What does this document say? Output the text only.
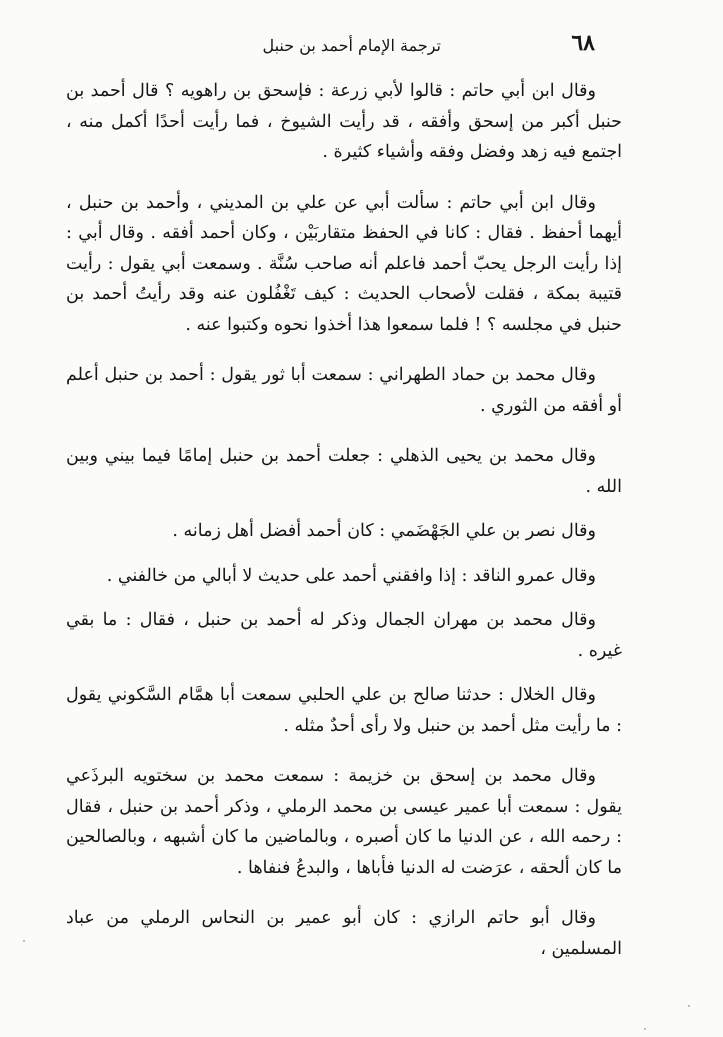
٦٨
ترجمة الإمام أحمد بن حنبل

وقال ابن أبي حاتم : قالوا لأبي زرعة : فإسحق بن راهويه ؟ قال أحمد بن حنبل أكبر من إسحق وأفقه ، قد رأيت الشيوخ ، فما رأيت أحدًا أكمل منه ، اجتمع فيه زهد وفضل وفقه وأشياء كثيرة .

وقال ابن أبي حاتم : سألت أبي عن علي بن المديني ، وأحمد بن حنبل ، أيهما أحفظ . فقال : كانا في الحفظ متقاربَيْن ، وكان أحمد أفقه . وقال أبي : إذا رأيت الرجل يحبّ أحمد فاعلم أنه صاحب سُنَّة . وسمعت أبي يقول : رأيت قتيبة بمكة ، فقلت لأصحاب الحديث : كيف تَغْفُلون عنه وقد رأيتُ أحمد بن حنبل في مجلسه ؟ ! فلما سمعوا هذا أخذوا نحوه وكتبوا عنه .

وقال محمد بن حماد الطهراني : سمعت أبا ثور يقول : أحمد بن حنبل أعلم أو أفقه من الثوري .

وقال محمد بن يحيى الذهلي : جعلت أحمد بن حنبل إمامًا فيما بيني وبين الله .

وقال نصر بن علي الجَهْضَمي : كان أحمد أفضل أهل زمانه .

وقال عمرو الناقد : إذا وافقني أحمد على حديث لا أبالي من خالفني .

وقال محمد بن مهران الجمال وذكر له أحمد بن حنبل ، فقال : ما بقي غيره .

وقال الخلال : حدثنا صالح بن علي الحلبي سمعت أبا همَّام السَّكوني يقول : ما رأيت مثل أحمد بن حنبل ولا رأى أحدٌ مثله .

وقال محمد بن إسحق بن خزيمة : سمعت محمد بن سختويه البرذَعي يقول : سمعت أبا عمير عيسى بن محمد الرملي ، وذكر أحمد بن حنبل ، فقال : رحمه الله ، عن الدنيا ما كان أصبره ، وبالماضين ما كان أشبهه ، وبالصالحين ما كان ألحقه ، عرَضت له الدنيا فأباها ، والبدعُ فنفاها .

وقال أبو حاتم الرازي : كان أبو عمير بن النحاس الرملي من عباد المسلمين ،
